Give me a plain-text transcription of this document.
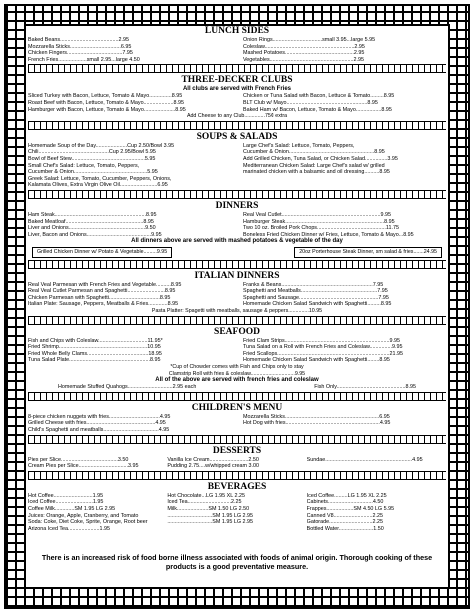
LUNCH SIDES
Baked Beans.......................................2.95
Mozzarella Sticks..................................6.95
Chicken Fingers.....................................7.95
French Fries...................small 2.95...large 4.50
Onion Rings.................................small 3.95...large 5.95
Coleslaw............................................................2.95
Mashed Potatoes..............................................2.95
Vegetables........................................................2.95
THREE-DECKER CLUBS
All clubs are served with French Fries
Sliced Turkey with Bacon, Lettuce, Tomato & Mayo...............8.95
Roast Beef with Bacon, Lettuce, Tomato & Mayo....................8.95
Hamburger with Bacon, Lettuce, Tomato & Mayo.....................8.95
Chicken or Tuna Salad with Bacon, Lettuce & Tomato.........8.95
BLT Club w/ Mayo......................................................8.95
Baked Ham w/ Bacon, Lettuce, Tomato & Mayo.................8.95
Add Cheese to any Club..............75¢ extra
SOUPS & SALADS
Homemade Soup of the Day.....................Cup 2.50/Bowl 3.95
Chili...............................................Cup 2.95/Bowl 5.95
Bowl of Beef Stew.................................................5.95
Small Chef's Salad: Lettuce, Tomato, Peppers,
Cucumber & Onion.................................................5.95
Greek Salad: Lettuce, Tomato, Cucumber, Peppers, Onions,
Kalamata Olives, Extra Virgin Olive Oil.........................6.95
Large Chef's Salad: Lettuce, Tomato, Peppers,
Cucumber & Onion.........................................................8.95
Add Grilled Chicken, Tuna Salad, or Chicken Salad...............3.95
Mediterranean Chicken Salad: Large Chef's salad w/ grilled
marinated chicken with a balsamic and oil dressing..........8.95
DINNERS
Ham Steak.............................................................8.95
Baked Meatloaf....................................................8.95
Liver and Onions...................................................9.50
Liver, Bacon and Onions...........................................9.95
Real Veal Cutlet..................................................................9.95
Hamburger Steak..................................................................8.95
Two 10 oz. Broiled Pork Chops..............................................11.75
Boneless Fried Chicken Dinner w/ Fries, Lettuce, Tomato & Mayo...8.95
All dinners above are served with mashed potatoes & vegetable of the day
Grilled Chicken Dinner w/ Potato & Vegetable.........9.95	20oz Porterhouse Steak Dinner, sm salad & fries.......24.95
ITALIAN DINNERS
Real Veal Parmesan with French Fries and Vegetable..........8.95
Real Veal Cutlet Parmesan and Spaghetti.........................8.95
Chicken Parmesan with Spaghetti..................................8.95
Italian Plate: Sausage, Peppers, Meatballs & Fries.............8.95
Franks & Beans.............................................................7.95
Spaghetti and Meatballs...................................................7.95
Spaghetti and Sausage.....................................................7.95
Homemade Chicken Salad Sandwich with Spaghetti.........8.95
Pasta Platter: Spagetti with meatballs, sausage & peppers..............10.95
SEAFOOD
Fish and Chips with Coleslaw.................................11.95*
Fried Shrimp...........................................................10.95
Fried Whole Belly Clams.........................................18.95
Tuna Salad Plate......................................................8.95
Fried Clam Strips......................................................................9.95
Tuna Salad on a Roll with French Fries and Coleslaw...............9.95
Fried Scallops...........................................................................21.95
Homemade Chicken Salad Sandwich with Spaghetti........8.95
*Cup of Chowder comes with Fish and Chips only to stay
Clamstrip Roll with fries & coleslaw..............................9.95
All of the above are served with french fries and coleslaw
Homemade Stuffed Quahogs..............................2.95 each	Fish Only..............................................8.95
CHILDREN'S MENU
8-piece chicken nuggets with fries..................................4.95
Grilled Cheese with fries..............................................4.95
Child's Spaghetti and meatballs.....................................4.95
Mozzarella Sticks...............................................................6.95
Hot Dog with fries...............................................................4.95
DESSERTS
Pies per Slice......................................3.50
Cream Pies per Slice.................................3.95
Vanilla Ice Cream..........................2.50
Pudding 2.75....w/whipped cream 3.00
Sundae..........................................................4.95
BEVERAGES
Hot Coffee..........................1.95
Iced Coffee.........................1.95
Coffee Milk.............SM 1.95 LG 2.95
Juices: Orange, Apple, Cranberry, and Tomato
Soda: Coke, Diet Coke, Sprite, Orange, Root beer
Arizona Iced Tea.....................1.95
Hot Chocolate...LG 1.95 XL 2.25
Iced Tea.............................2.25
Milk.....................SM 1.50 LG 2.50
..............................SM 1.95 LG 2.95
..............................SM 1.95 LG 2.95
Iced Coffee.........LG 1.95 XL 2.25
Cabinets..............................4.50
Frappes..................SM 4.50 LG 5.95
Canned V8..........................2.25
Gatorade.............................2.25
Bottled Water.......................1.50
There is an increased risk of food borne illness associated with foods of animal origin. Thorough cooking of these products is a good preventative measure.
